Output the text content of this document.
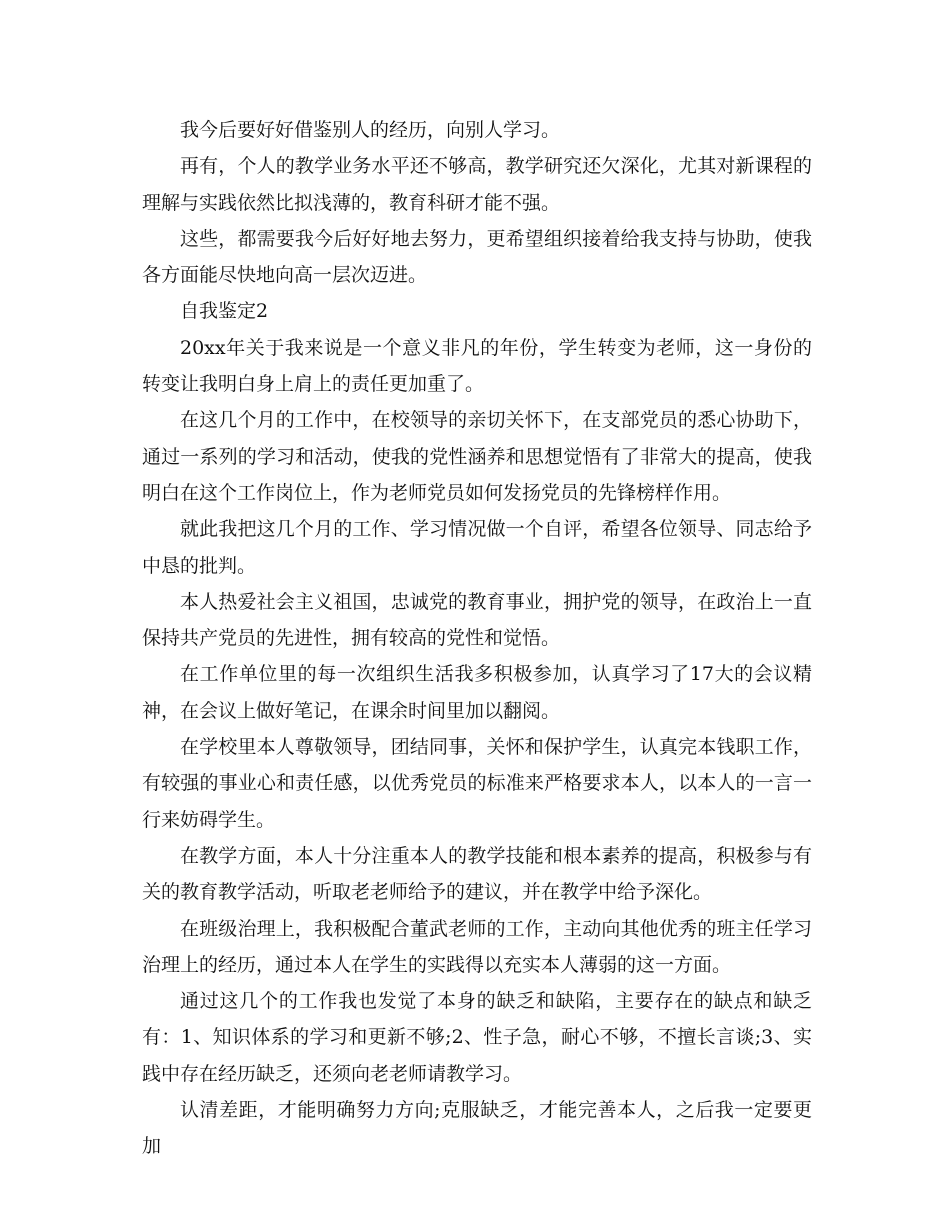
我今后要好好借鉴别人的经历，向别人学习。

再有，个人的教学业务水平还不够高，教学研究还欠深化，尤其对新课程的理解与实践依然比拟浅薄的，教育科研才能不强。

这些，都需要我今后好好地去努力，更希望组织接着给我支持与协助，使我各方面能尽快地向高一层次迈进。

自我鉴定2

20xx年关于我来说是一个意义非凡的年份，学生转变为老师，这一身份的转变让我明白身上肩上的责任更加重了。

在这几个月的工作中，在校领导的亲切关怀下，在支部党员的悉心协助下，通过一系列的学习和活动，使我的党性涵养和思想觉悟有了非常大的提高，使我明白在这个工作岗位上，作为老师党员如何发扬党员的先锋榜样作用。

就此我把这几个月的工作、学习情况做一个自评，希望各位领导、同志给予中恳的批判。

本人热爱社会主义祖国，忠诚党的教育事业，拥护党的领导，在政治上一直保持共产党员的先进性，拥有较高的党性和觉悟。

在工作单位里的每一次组织生活我多积极参加，认真学习了17大的会议精神，在会议上做好笔记，在课余时间里加以翻阅。

在学校里本人尊敬领导，团结同事，关怀和保护学生，认真完本钱职工作，有较强的事业心和责任感，以优秀党员的标准来严格要求本人，以本人的一言一行来妨碍学生。

在教学方面，本人十分注重本人的教学技能和根本素养的提高，积极参与有关的教育教学活动，听取老老师给予的建议，并在教学中给予深化。

在班级治理上，我积极配合董武老师的工作，主动向其他优秀的班主任学习治理上的经历，通过本人在学生的实践得以充实本人薄弱的这一方面。

通过这几个的工作我也发觉了本身的缺乏和缺陷，主要存在的缺点和缺乏有：1、知识体系的学习和更新不够;2、性子急，耐心不够，不擅长言谈;3、实践中存在经历缺乏，还须向老老师请教学习。

认清差距，才能明确努力方向;克服缺乏，才能完善本人，之后我一定要更加
